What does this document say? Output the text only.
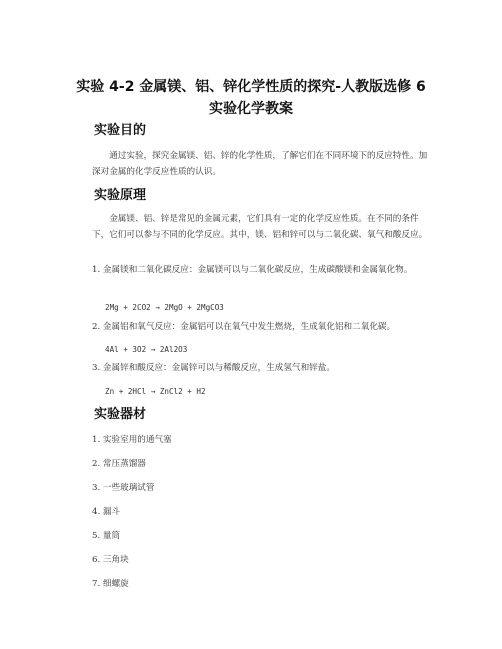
实验 4-2 金属镁、铝、锌化学性质的探究-人教版选修 6
实验化学教案
实验目的

通过实验，探究金属镁、铝、锌的化学性质，了解它们在不同环境下的反应特性。加深对金属的化学反应性质的认识。

实验原理

金属镁、铝、锌是常见的金属元素，它们具有一定的化学反应性质。在不同的条件下，它们可以参与不同的化学反应。其中，镁、铝和锌可以与二氧化碳、氧气和酸反应。

1. 金属镁和二氧化碳反应：金属镁可以与二氧化碳反应，生成碳酸镁和金属氧化物。

2Mg + 2CO2 → 2MgO + 2MgCO3

2. 金属铝和氧气反应：金属铝可以在氧气中发生燃烧，生成氧化铝和二氧化碳。

4Al + 3O2 → 2Al2O3

3. 金属锌和酸反应：金属锌可以与稀酸反应，生成氢气和锌盐。

Zn + 2HCl → ZnCl2 + H2

实验器材

1. 实验室用的通气塞

2. 常压蒸馏器

3. 一些玻璃试管

4. 漏斗

5. 量筒

6. 三角块

7. 细螺旋
